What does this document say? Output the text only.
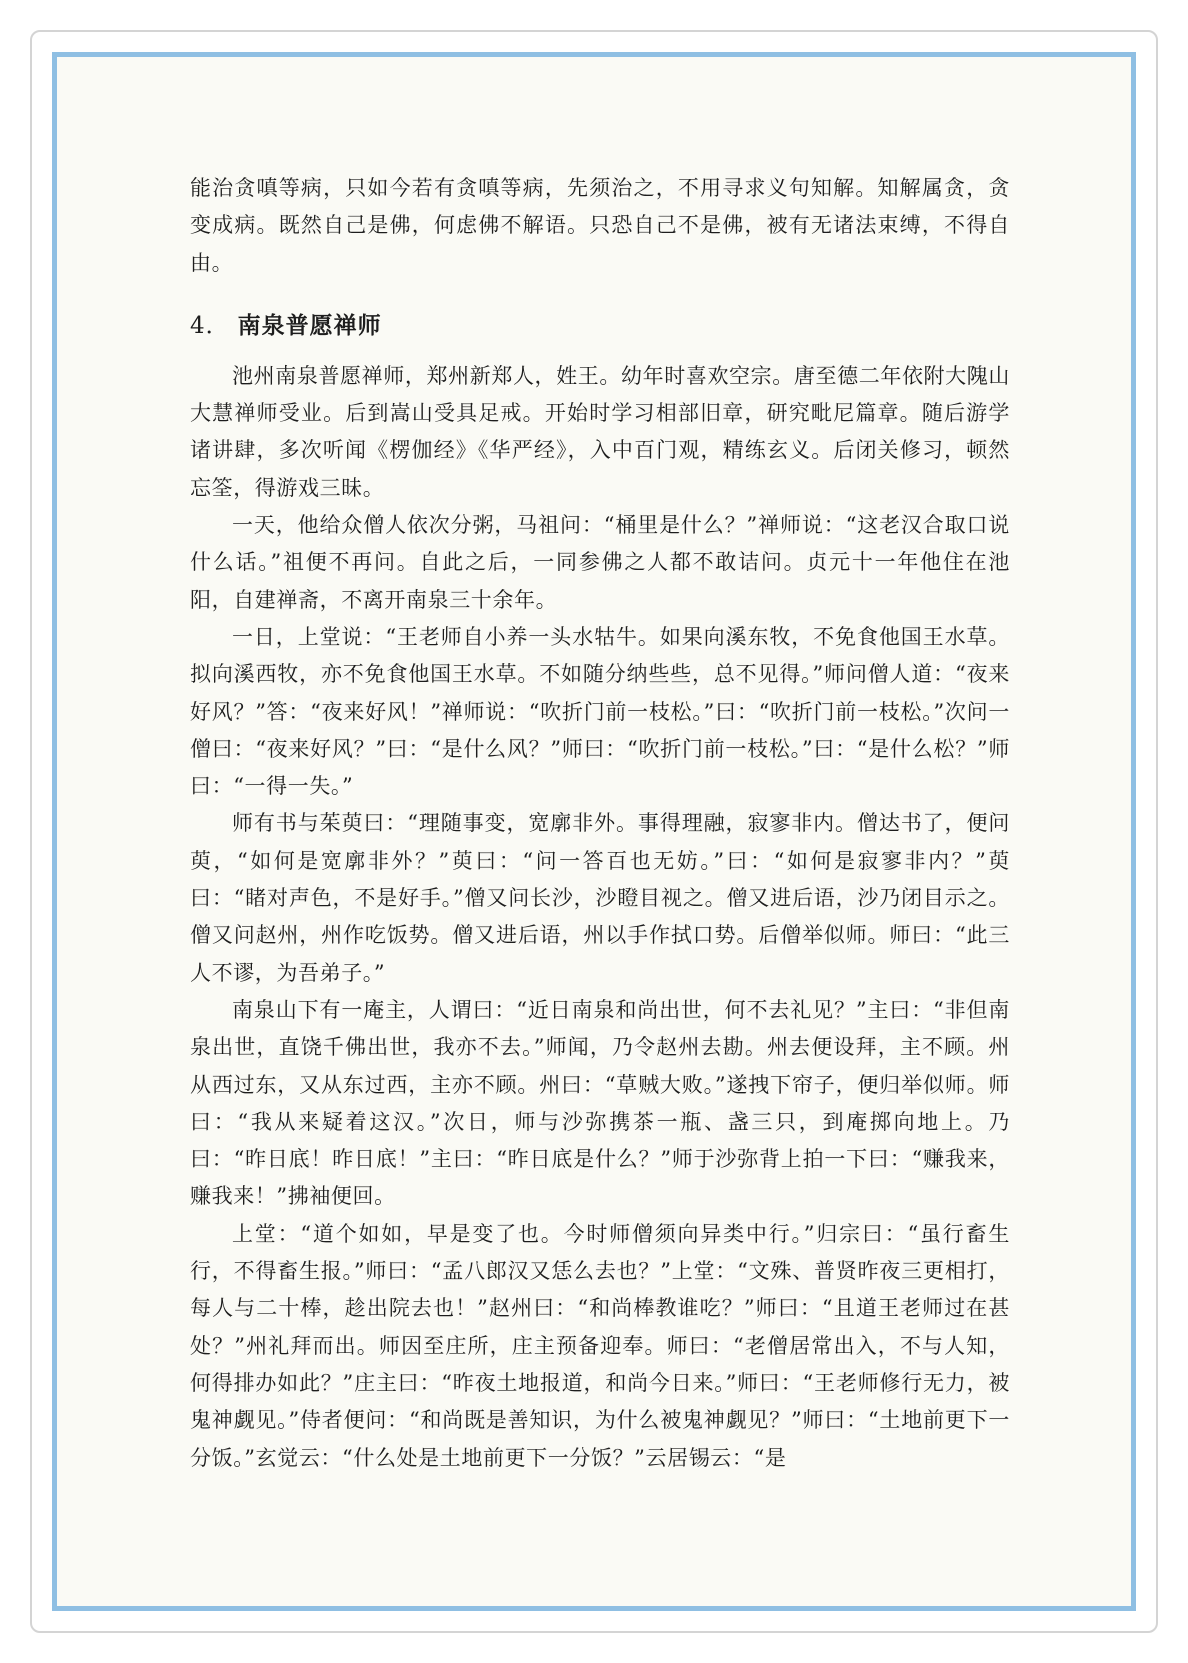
能治贪嗔等病，只如今若有贪嗔等病，先须治之，不用寻求义句知解。知解属贪，贪变成病。既然自己是佛，何虑佛不解语。只恐自己不是佛，被有无诸法束缚，不得自由。

4． 南泉普愿禅师

池州南泉普愿禅师，郑州新郑人，姓王。幼年时喜欢空宗。唐至德二年依附大隗山大慧禅师受业。后到嵩山受具足戒。开始时学习相部旧章，研究毗尼篇章。随后游学诸讲肆，多次听闻《楞伽经》《华严经》，入中百门观，精练玄义。后闭关修习，顿然忘筌，得游戏三昧。

一天，他给众僧人依次分粥，马祖问：“桶里是什么？”禅师说：“这老汉合取口说什么话。”祖便不再问。自此之后，一同参佛之人都不敢诘问。贞元十一年他住在池阳，自建禅斋，不离开南泉三十余年。

一日，上堂说：“王老师自小养一头水牯牛。如果向溪东牧，不免食他国王水草。拟向溪西牧，亦不免食他国王水草。不如随分纳些些，总不见得。”师问僧人道：“夜来好风？”答：“夜来好风！”禅师说：“吹折门前一枝松。”曰：“吹折门前一枝松。”次问一僧曰：“夜来好风？”曰：“是什么风？”师曰：“吹折门前一枝松。”曰：“是什么松？”师曰：“一得一失。”

师有书与茱萸曰：“理随事变，宽廓非外。事得理融，寂寥非内。僧达书了，便问萸，“如何是宽廓非外？”萸曰：“问一答百也无妨。”曰：“如何是寂寥非内？”萸曰：“睹对声色，不是好手。”僧又问长沙，沙瞪目视之。僧又进后语，沙乃闭目示之。僧又问赵州，州作吃饭势。僧又进后语，州以手作拭口势。后僧举似师。师曰：“此三人不谬，为吾弟子。”

南泉山下有一庵主，人谓曰：“近日南泉和尚出世，何不去礼见？”主曰：“非但南泉出世，直饶千佛出世，我亦不去。”师闻，乃令赵州去勘。州去便设拜，主不顾。州从西过东，又从东过西，主亦不顾。州曰：“草贼大败。”遂拽下帘子，便归举似师。师曰：“我从来疑着这汉。”次日，师与沙弥携茶一瓶、盏三只，到庵掷向地上。乃曰：“昨日底！昨日底！”主曰：“昨日底是什么？”师于沙弥背上拍一下曰：“赚我来，赚我来！”拂袖便回。

上堂：“道个如如，早是变了也。今时师僧须向异类中行。”归宗曰：“虽行畜生行，不得畜生报。”师曰：“孟八郎汉又恁么去也？”上堂：“文殊、普贤昨夜三更相打，每人与二十棒，趁出院去也！”赵州曰：“和尚棒教谁吃？”师曰：“且道王老师过在甚处？”州礼拜而出。师因至庄所，庄主预备迎奉。师曰：“老僧居常出入，不与人知，何得排办如此？”庄主曰：“昨夜土地报道，和尚今日来。”师曰：“王老师修行无力，被鬼神觑见。”侍者便问：“和尚既是善知识，为什么被鬼神觑见？”师曰：“土地前更下一分饭。”玄觉云：“什么处是土地前更下一分饭？”云居锡云：“是
